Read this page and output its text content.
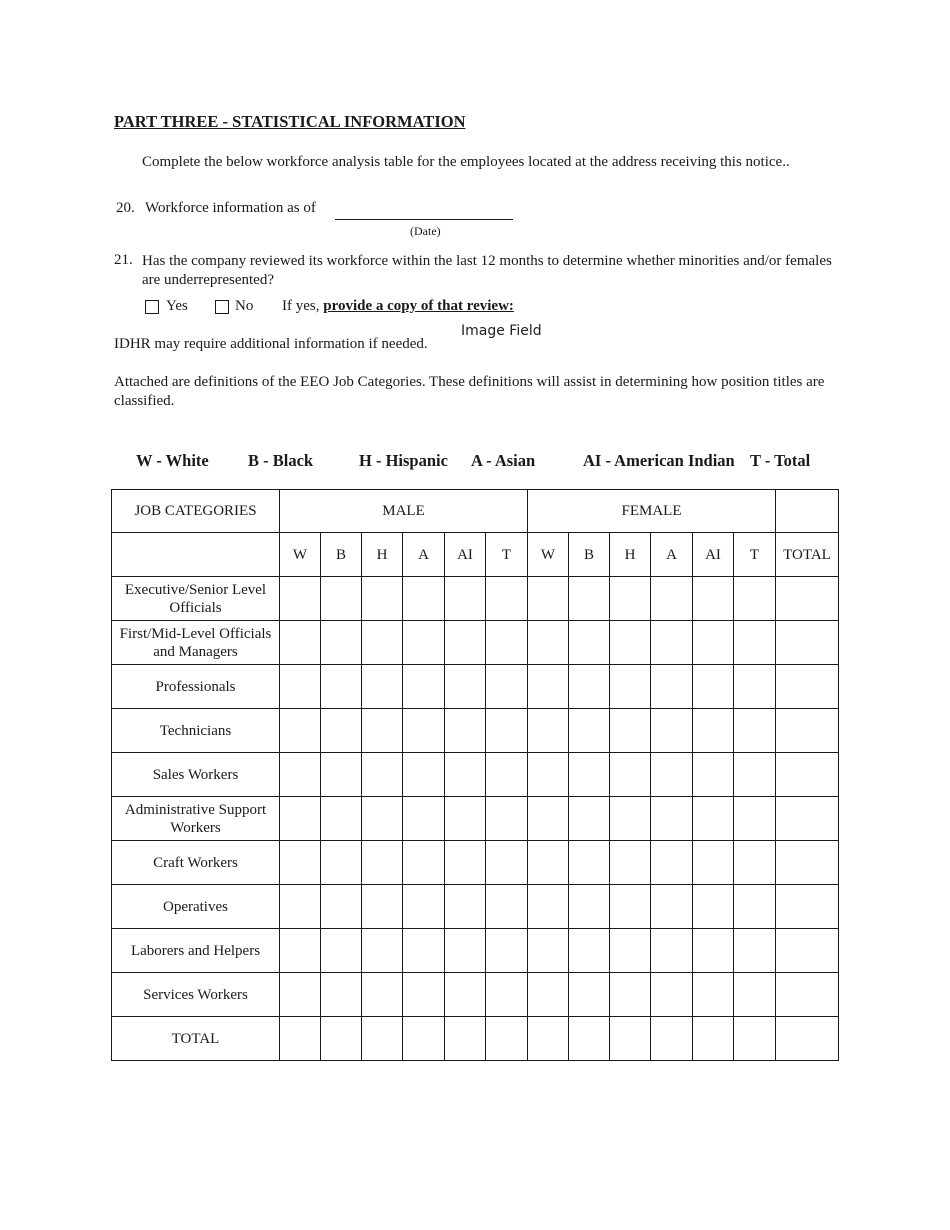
PART THREE - STATISTICAL INFORMATION
Complete the below workforce analysis table for the employees located at the address receiving this notice..
20. Workforce information as of
(Date)
21. Has the company reviewed its workforce within the last 12 months to determine whether minorities and/or females are underrepresented?
Yes	No If yes, provide a copy of that review:
Image Field
IDHR may require additional information if needed.
Attached are definitions of the EEO Job Categories. These definitions will assist in determining how position titles are classified.
W - White B - Black	H - Hispanic A - Asian	AI - American Indian T - Total
JOB CATEGORIES	MALE						FEMALE						
	W	B	H	A	AI	T	W	B	H	A	AI	T	TOTAL
Executive/Senior Level Officials													
First/Mid-Level Officials and Managers													
Professionals													
Technicians													
Sales Workers													
Administrative Support Workers													
Craft Workers													
Operatives													
Laborers and Helpers													
Services Workers													
TOTAL													
